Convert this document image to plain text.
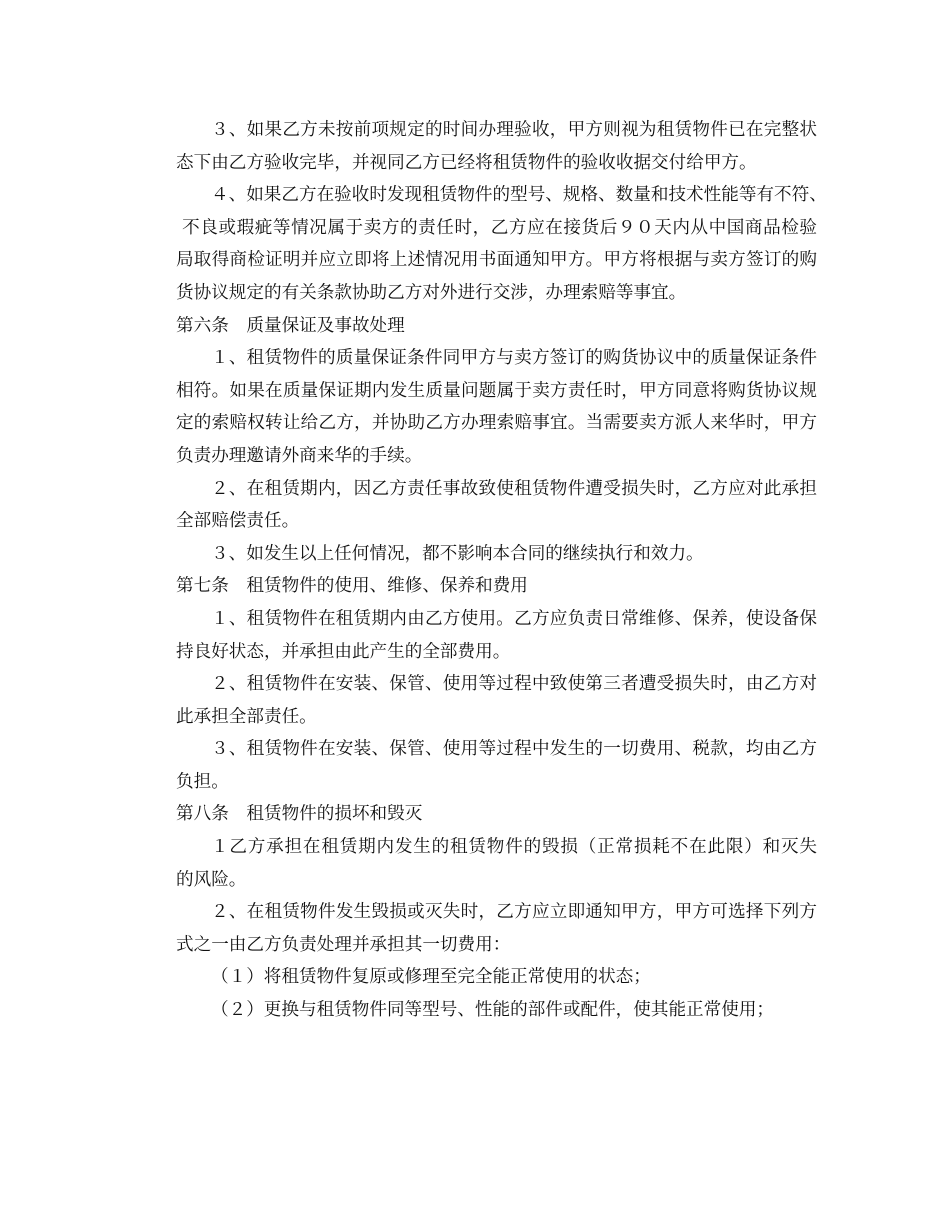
３、如果乙方未按前项规定的时间办理验收，甲方则视为租赁物件已在完整状
态下由乙方验收完毕，并视同乙方已经将租赁物件的验收收据交付给甲方。
４、如果乙方在验收时发现租赁物件的型号、规格、数量和技术性能等有不符、
不良或瑕疵等情况属于卖方的责任时，乙方应在接货后９０天内从中国商品检验
局取得商检证明并应立即将上述情况用书面通知甲方。甲方将根据与卖方签订的购
货协议规定的有关条款协助乙方对外进行交涉，办理索赔等事宜。
第六条　质量保证及事故处理
１、租赁物件的质量保证条件同甲方与卖方签订的购货协议中的质量保证条件
相符。如果在质量保证期内发生质量问题属于卖方责任时，甲方同意将购货协议规
定的索赔权转让给乙方，并协助乙方办理索赔事宜。当需要卖方派人来华时，甲方
负责办理邀请外商来华的手续。
２、在租赁期内，因乙方责任事故致使租赁物件遭受损失时，乙方应对此承担
全部赔偿责任。
３、如发生以上任何情况，都不影响本合同的继续执行和效力。
第七条　租赁物件的使用、维修、保养和费用
１、租赁物件在租赁期内由乙方使用。乙方应负责日常维修、保养，使设备保
持良好状态，并承担由此产生的全部费用。
２、租赁物件在安装、保管、使用等过程中致使第三者遭受损失时，由乙方对
此承担全部责任。
３、租赁物件在安装、保管、使用等过程中发生的一切费用、税款，均由乙方
负担。
第八条　租赁物件的损坏和毁灭
１乙方承担在租赁期内发生的租赁物件的毁损（正常损耗不在此限）和灭失
的风险。
２、在租赁物件发生毁损或灭失时，乙方应立即通知甲方，甲方可选择下列方
式之一由乙方负责处理并承担其一切费用：
（１）将租赁物件复原或修理至完全能正常使用的状态；
（２）更换与租赁物件同等型号、性能的部件或配件，使其能正常使用；
